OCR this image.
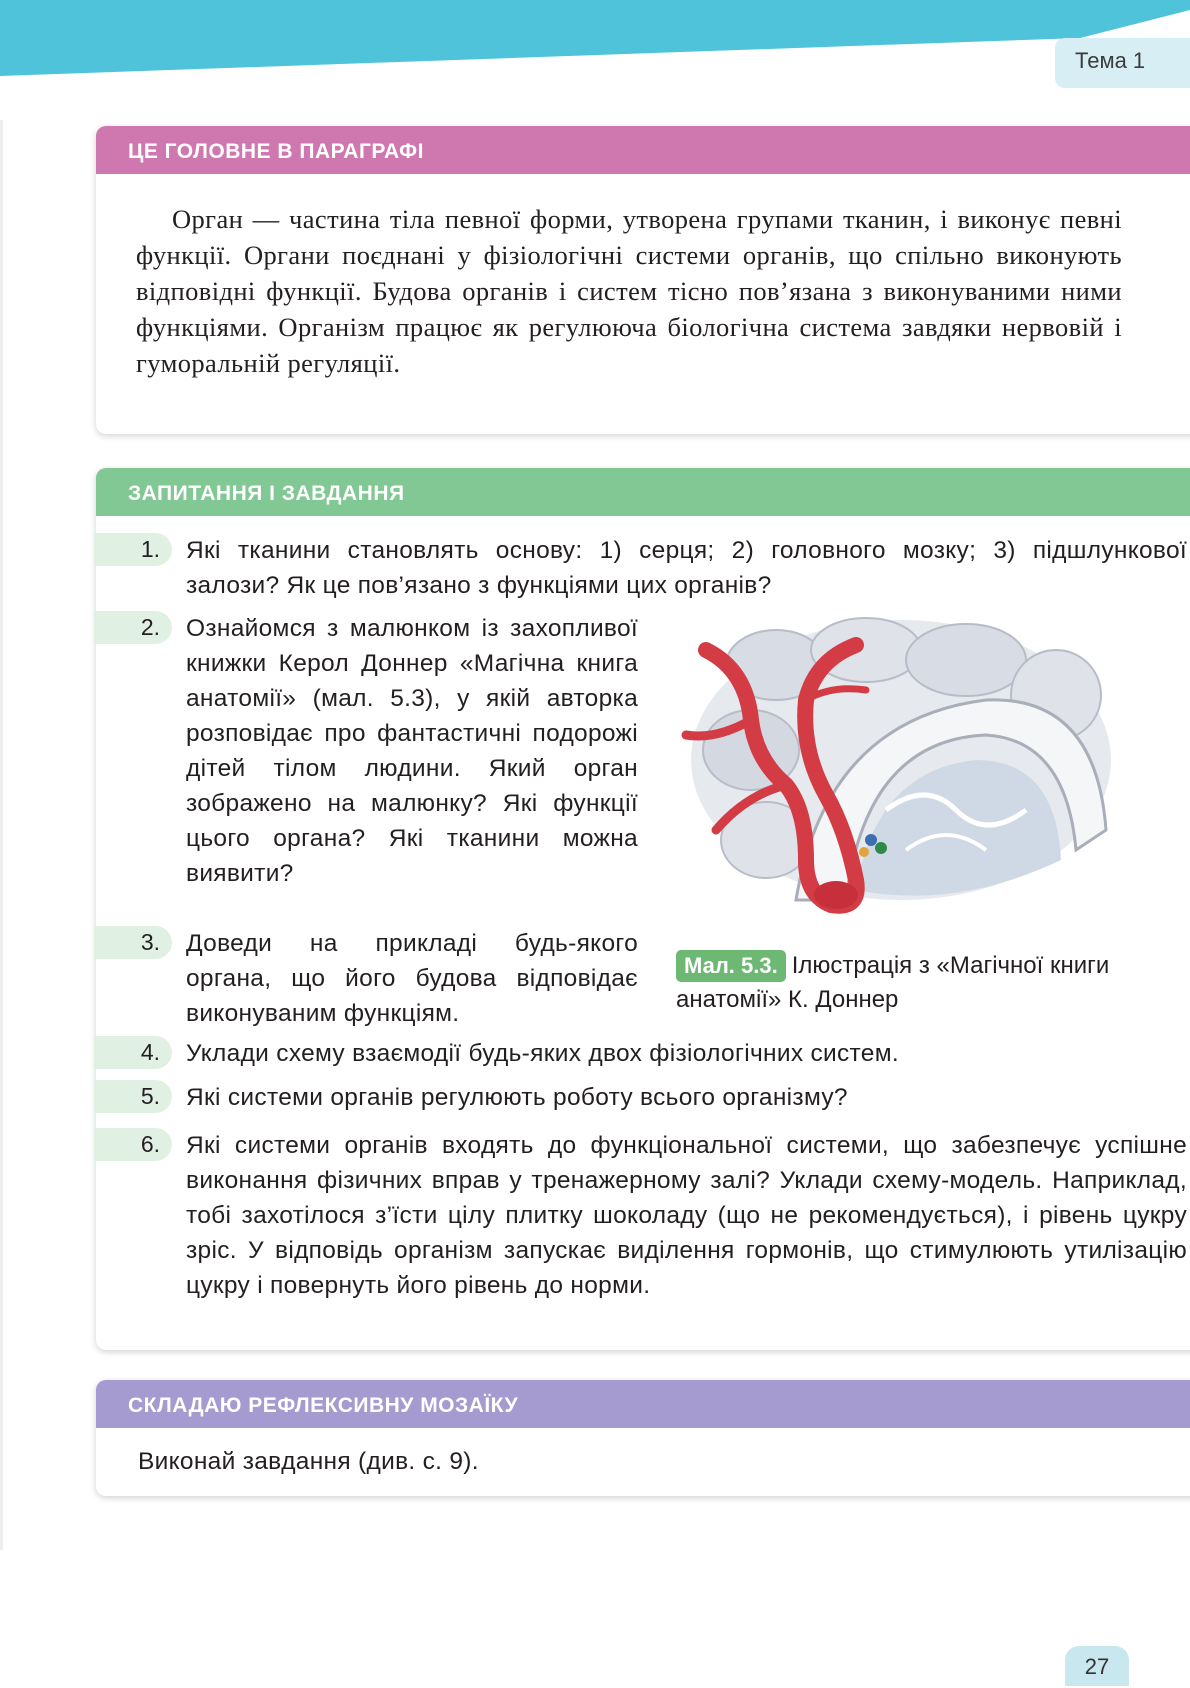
Тема 1
ЦЕ ГОЛОВНЕ В ПАРАГРАФІ

Орган — частина тіла певної форми, утворена групами тканин, і виконує певні функції. Органи поєднані у фізіологічні системи органів, що спільно виконують відповідні функції. Будова органів і систем тісно пов’язана з виконуваними ними функціями. Організм працює як регулююча біологічна система завдяки нервовій і гуморальній регуляції.

ЗАПИТАННЯ І ЗАВДАННЯ
1.	Які тканини становлять основу: 1) серця; 2) головного мозку; 3) підшлункової залози? Як це пов’язано з функціями цих органів?
2.	Ознайомся з малюнком із захопливої книжки Керол Доннер «Магічна книга анатомії» (мал. 5.3), у якій авторка розповідає про фантастичні подорожі дітей тілом людини. Який орган зображено на малюнку? Які функції цього органа? Які тканини можна виявити?
3.	Доведи на прикладі будь-якого органа, що його будова відповідає виконуваним функціям.
4.	Уклади схему взаємодії будь-яких двох фізіологічних систем.
5.	Які системи органів регулюють роботу всього організму?
6.	Які системи органів входять до функціональної системи, що забезпечує успішне виконання фізичних вправ у тренажерному залі? Уклади схему-модель. Наприклад, тобі захотілося з’їсти цілу плитку шоколаду (що не рекомендується), і рівень цукру зріс. У відповідь організм запускає виділення гормонів, що стимулюють утилізацію цукру і повернуть його рівень до норми.
Мал. 5.3. Ілюстрація з «Магічної книги анатомії» К. Доннер
СКЛАДАЮ РЕФЛЕКСИВНУ МОЗАЇКУ
Виконай завдання (див. с. 9).
27
